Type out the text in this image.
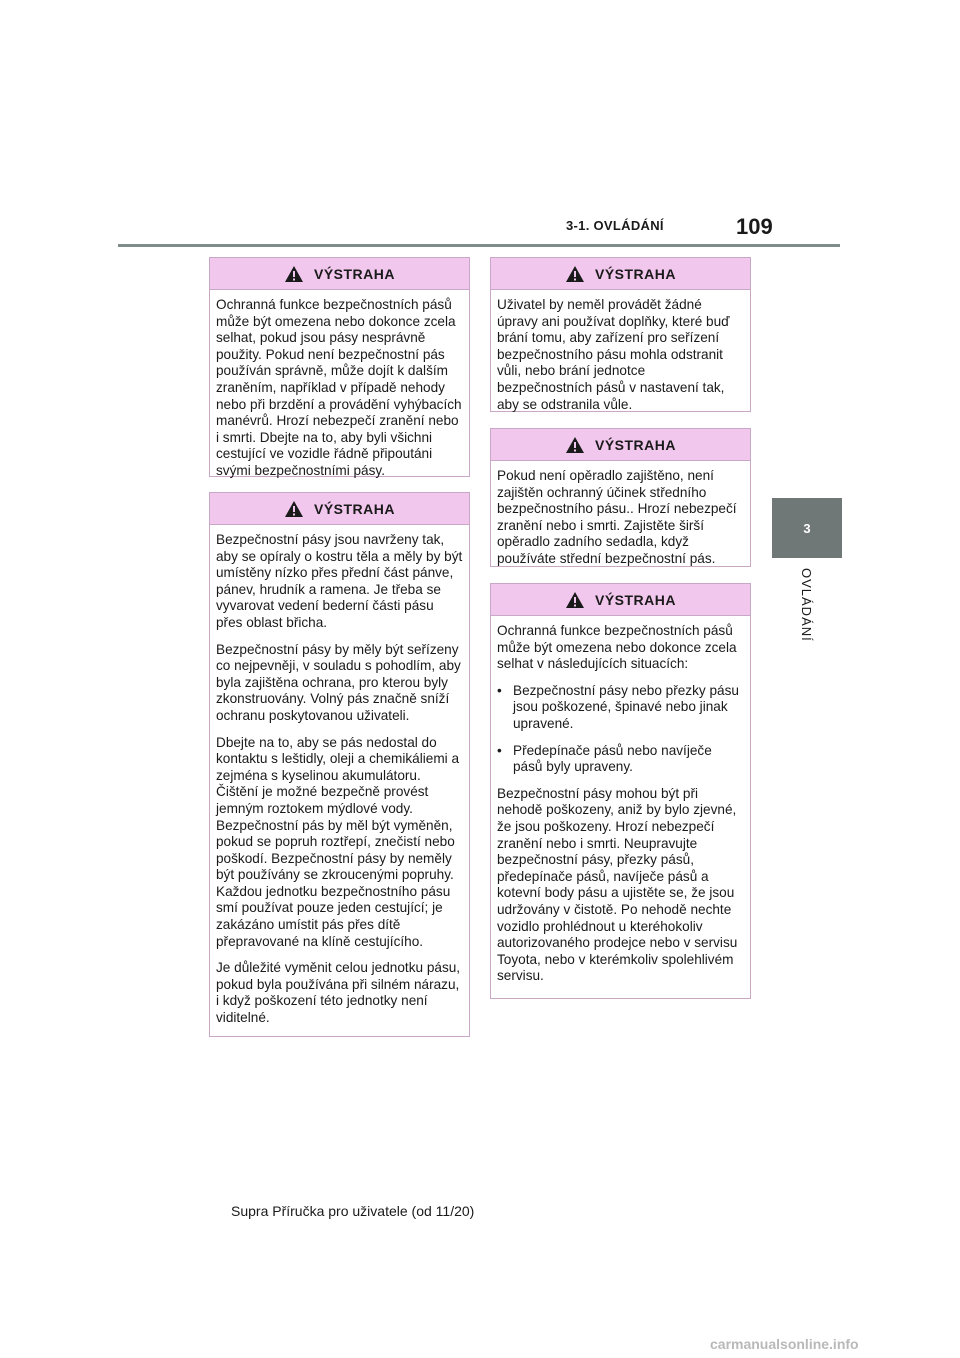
3-1. OVLÁDÁNÍ	109
3
OVLÁDÁNÍ
VÝSTRAHA

Ochranná funkce bezpečnostních pásů může být omezena nebo dokonce zcela selhat, pokud jsou pásy nesprávně použity. Pokud není bezpečnostní pás používán správně, může dojít k dalším zraněním, například v případě nehody nebo při brzdění a provádění vyhýbacích manévrů. Hrozí nebezpečí zranění nebo i smrti. Dbejte na to, aby byli všichni cestující ve vozidle řádně připoutáni svými bezpečnostními pásy.

VÝSTRAHA

Bezpečnostní pásy jsou navrženy tak, aby se opíraly o kostru těla a měly by být umístěny nízko přes přední část pánve, pánev, hrudník a ramena. Je třeba se vyvarovat vedení bederní části pásu přes oblast břicha.

Bezpečnostní pásy by měly být seřízeny co nejpevněji, v souladu s pohodlím, aby byla zajištěna ochrana, pro kterou byly zkonstruovány. Volný pás značně sníží ochranu poskytovanou uživateli.

Dbejte na to, aby se pás nedostal do kontaktu s leštidly, oleji a chemikáliemi a zejména s kyselinou akumulátoru. Čištění je možné bezpečně provést jemným roztokem mýdlové vody. Bezpečnostní pás by měl být vyměněn, pokud se popruh roztřepí, znečistí nebo poškodí. Bezpečnostní pásy by neměly být používány se zkroucenými popruhy. Každou jednotku bezpečnostního pásu smí používat pouze jeden cestující; je zakázáno umístit pás přes dítě přepravované na klíně cestujícího.

Je důležité vyměnit celou jednotku pásu, pokud byla používána při silném nárazu, i když poškození této jednotky není viditelné.

VÝSTRAHA

Uživatel by neměl provádět žádné úpravy ani používat doplňky, které buď brání tomu, aby zařízení pro seřízení bezpečnostního pásu mohla odstranit vůli, nebo brání jednotce bezpečnostních pásů v nastavení tak, aby se odstranila vůle.

VÝSTRAHA

Pokud není opěradlo zajištěno, není zajištěn ochranný účinek středního bezpečnostního pásu.. Hrozí nebezpečí zranění nebo i smrti. Zajistěte širší opěradlo zadního sedadla, když používáte střední bezpečnostní pás.

VÝSTRAHA

Ochranná funkce bezpečnostních pásů může být omezena nebo dokonce zcela selhat v následujících situacích:

• Bezpečnostní pásy nebo přezky pásu jsou poškozené, špinavé nebo jinak upravené.
• Předepínače pásů nebo navíječe pásů byly upraveny.

Bezpečnostní pásy mohou být při nehodě poškozeny, aniž by bylo zjevné, že jsou poškozeny. Hrozí nebezpečí zranění nebo i smrti. Neupravujte bezpečnostní pásy, přezky pásů, předepínače pásů, navíječe pásů a kotevní body pásu a ujistěte se, že jsou udržovány v čistotě. Po nehodě nechte vozidlo prohlédnout u kteréhokoliv autorizovaného prodejce nebo v servisu Toyota, nebo v kterémkoliv spolehlivém servisu.

Supra Příručka pro uživatele (od 11/20)
carmanualsonline.info
